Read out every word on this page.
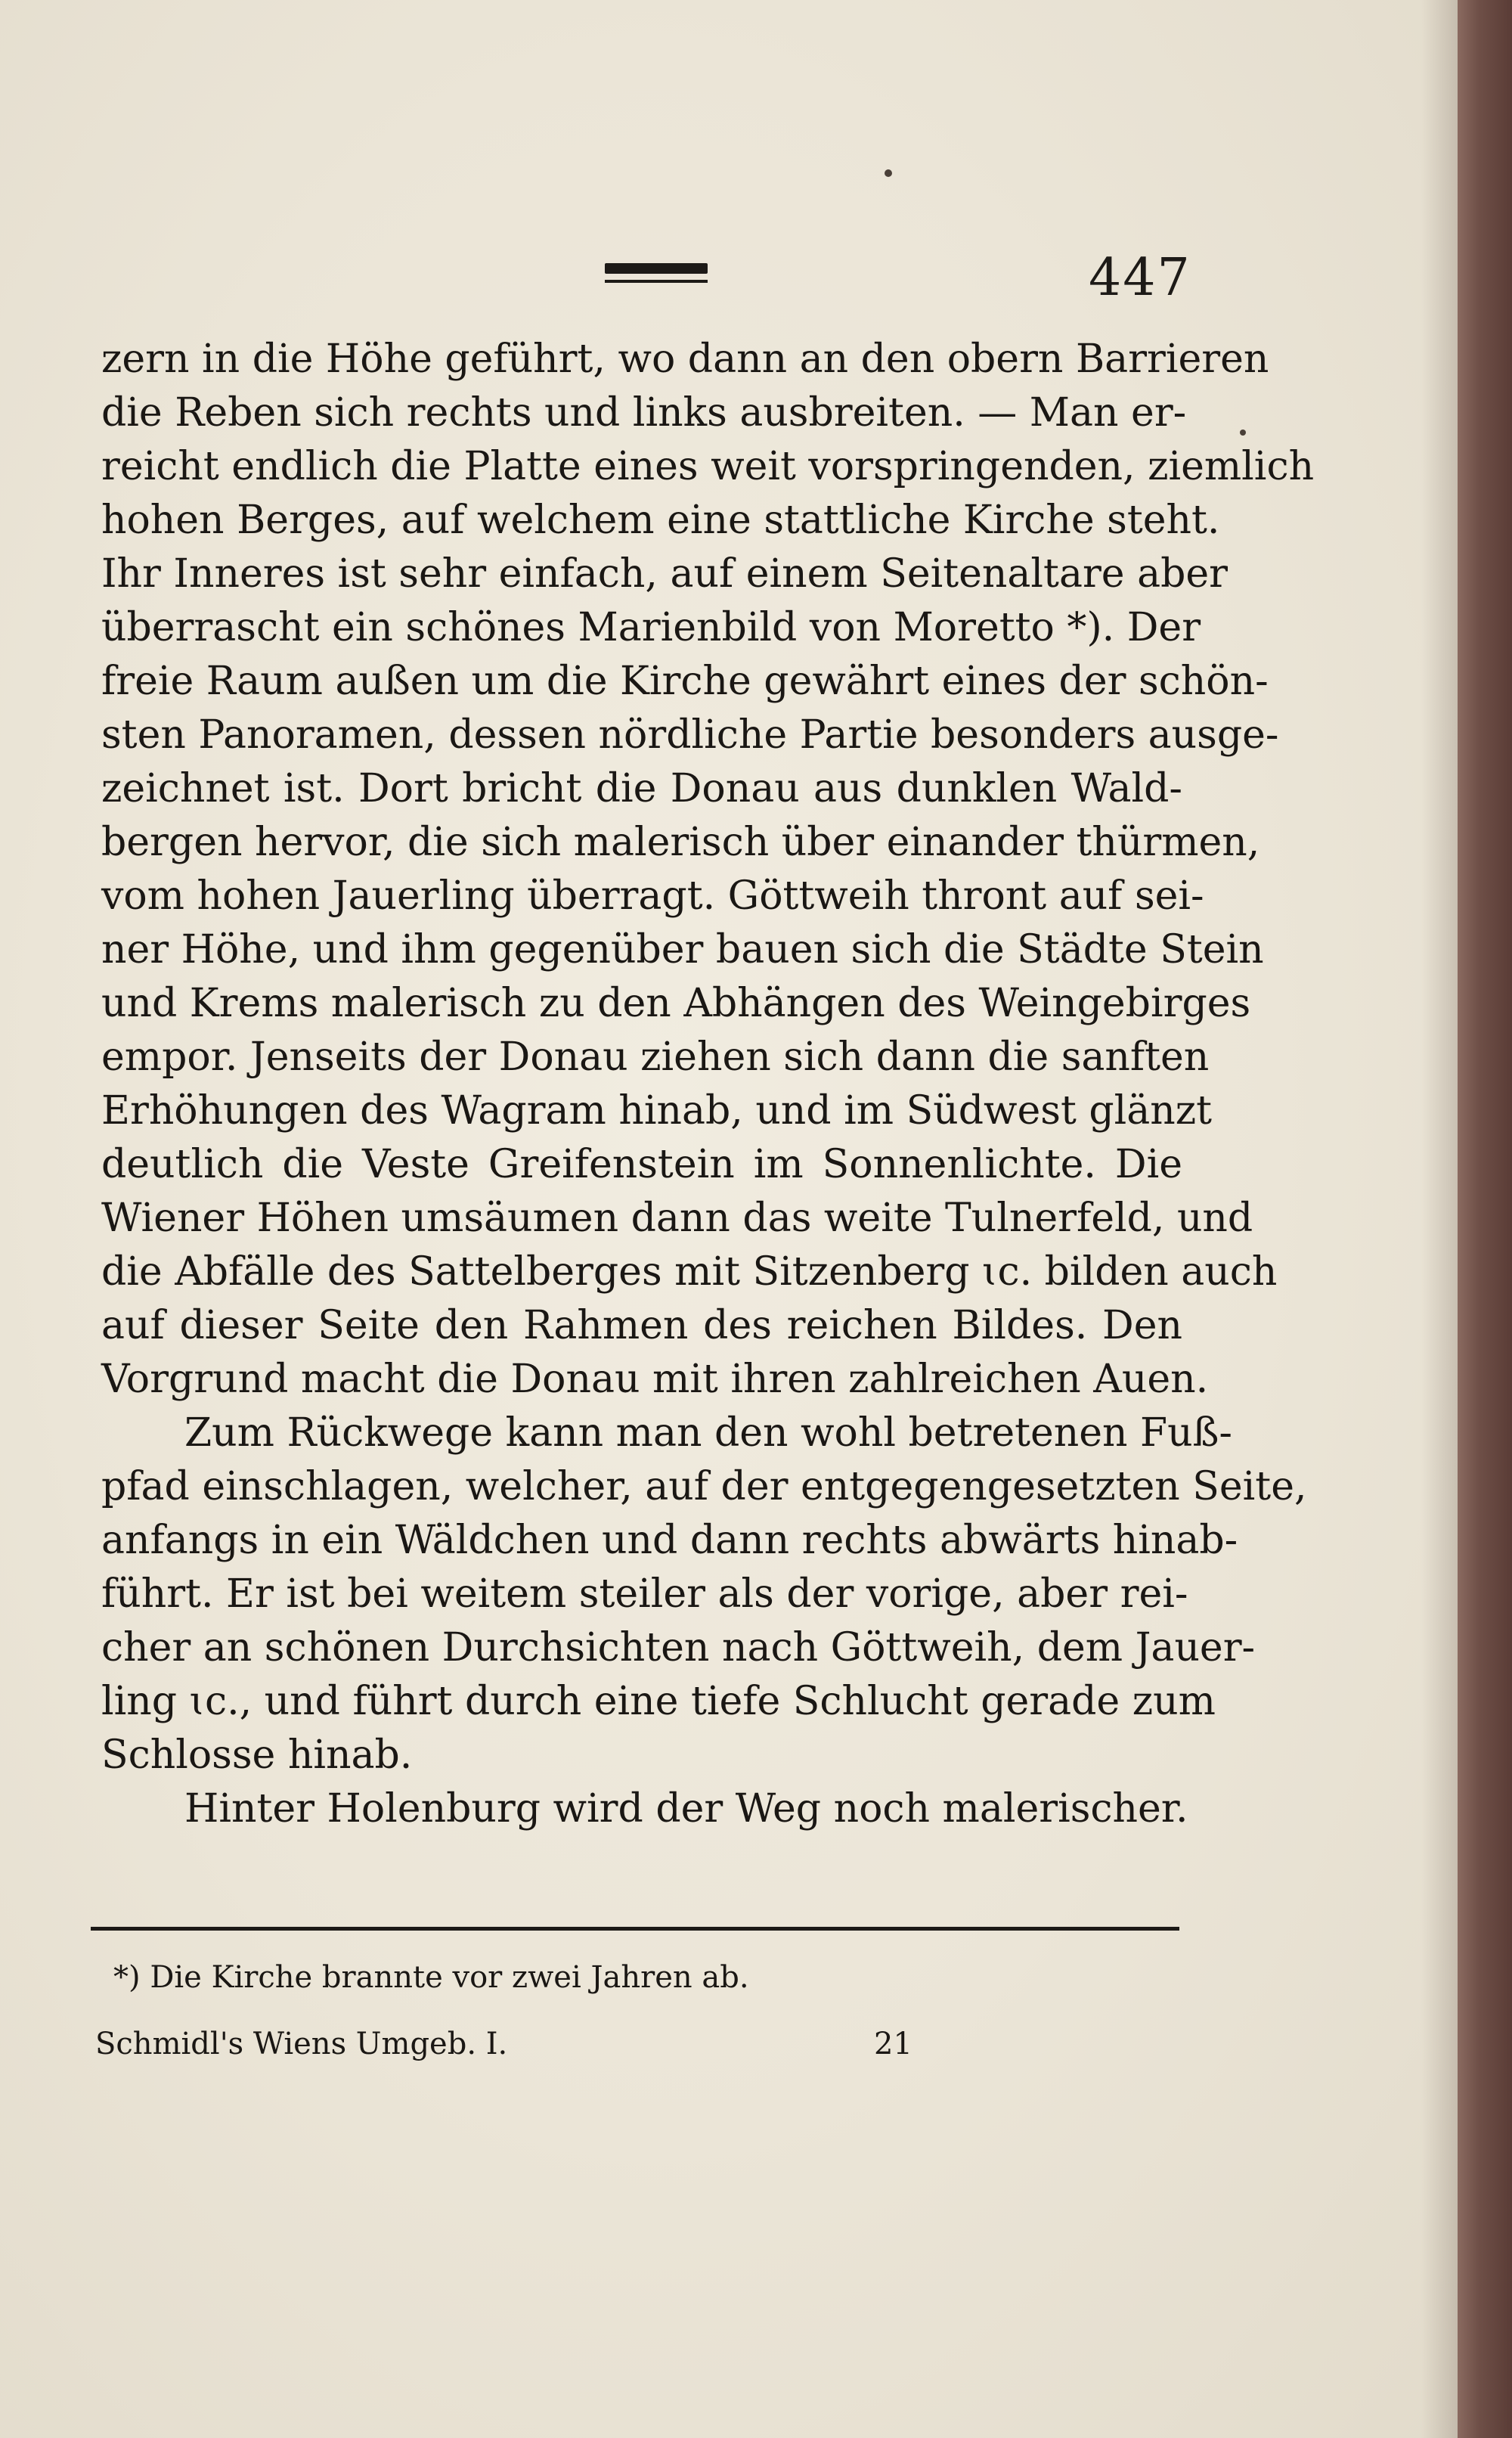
447
zern in die Höhe geführt, wo dann an den obern Barrieren
die Reben sich rechts und links ausbreiten. — Man er-
reicht endlich die Platte eines weit vorspringenden, ziemlich
hohen Berges, auf welchem eine stattliche Kirche steht.
Ihr Inneres ist sehr einfach, auf einem Seitenaltare aber
überrascht ein schönes Marienbild von Moretto *). Der
freie Raum außen um die Kirche gewährt eines der schön-
sten Panoramen, dessen nördliche Partie besonders ausge-
zeichnet ist. Dort bricht die Donau aus dunklen Wald-
bergen hervor, die sich malerisch über einander thürmen,
vom hohen Jauerling überragt. Göttweih thront auf sei-
ner Höhe, und ihm gegenüber bauen sich die Städte Stein
und Krems malerisch zu den Abhängen des Weingebirges
empor. Jenseits der Donau ziehen sich dann die sanften
Erhöhungen des Wagram hinab, und im Südwest glänzt
deutlich die Veste Greifenstein im Sonnenlichte. Die
Wiener Höhen umsäumen dann das weite Tulnerfeld, und
die Abfälle des Sattelberges mit Sitzenberg ɩc. bilden auch
auf dieser Seite den Rahmen des reichen Bildes. Den
Vorgrund macht die Donau mit ihren zahlreichen Auen.
Zum Rückwege kann man den wohl betretenen Fuß-
pfad einschlagen, welcher, auf der entgegengesetzten Seite,
anfangs in ein Wäldchen und dann rechts abwärts hinab-
führt. Er ist bei weitem steiler als der vorige, aber rei-
cher an schönen Durchsichten nach Göttweih, dem Jauer-
ling ɩc., und führt durch eine tiefe Schlucht gerade zum
Schlosse hinab.
Hinter Holenburg wird der Weg noch malerischer.
*) Die Kirche brannte vor zwei Jahren ab.
Schmidl's Wiens Umgeb. I.	21
